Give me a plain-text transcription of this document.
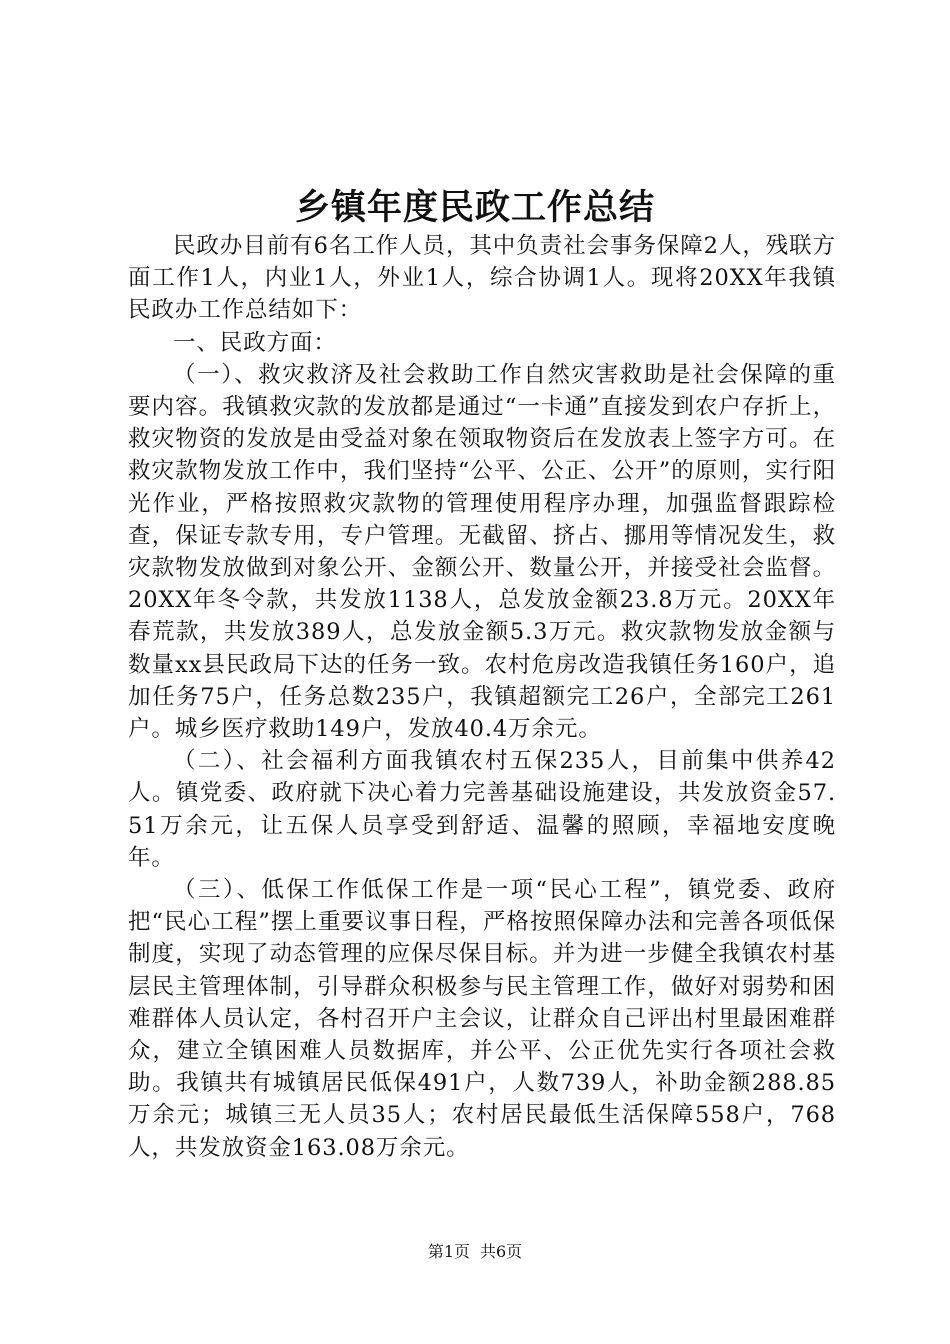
乡镇年度民政工作总结

民政办目前有6名工作人员，其中负责社会事务保障2人，残联方面工作1人，内业1人，外业1人，综合协调1人。现将20XX年我镇民政办工作总结如下：

一、民政方面：

（一）、救灾救济及社会救助工作自然灾害救助是社会保障的重要内容。我镇救灾款的发放都是通过“一卡通”直接发到农户存折上，救灾物资的发放是由受益对象在领取物资后在发放表上签字方可。在救灾款物发放工作中，我们坚持“公平、公正、公开”的原则，实行阳光作业，严格按照救灾款物的管理使用程序办理，加强监督跟踪检查，保证专款专用，专户管理。无截留、挤占、挪用等情况发生，救灾款物发放做到对象公开、金额公开、数量公开，并接受社会监督。20XX年冬令款，共发放1138人，总发放金额23.8万元。20XX年春荒款，共发放389人，总发放金额5.3万元。救灾款物发放金额与数量xx县民政局下达的任务一致。农村危房改造我镇任务160户，追加任务75户，任务总数235户，我镇超额完工26户，全部完工261户。城乡医疗救助149户，发放40.4万余元。

（二）、社会福利方面我镇农村五保235人，目前集中供养42人。镇党委、政府就下决心着力完善基础设施建设，共发放资金57.51万余元，让五保人员享受到舒适、温馨的照顾，幸福地安度晚年。

（三）、低保工作低保工作是一项“民心工程”，镇党委、政府把“民心工程”摆上重要议事日程，严格按照保障办法和完善各项低保制度，实现了动态管理的应保尽保目标。并为进一步健全我镇农村基层民主管理体制，引导群众积极参与民主管理工作，做好对弱势和困难群体人员认定，各村召开户主会议，让群众自己评出村里最困难群众，建立全镇困难人员数据库，并公平、公正优先实行各项社会救助。我镇共有城镇居民低保491户，人数739人，补助金额288.85万余元；城镇三无人员35人；农村居民最低生活保障558户，768人，共发放资金163.08万余元。

第1页 共6页
